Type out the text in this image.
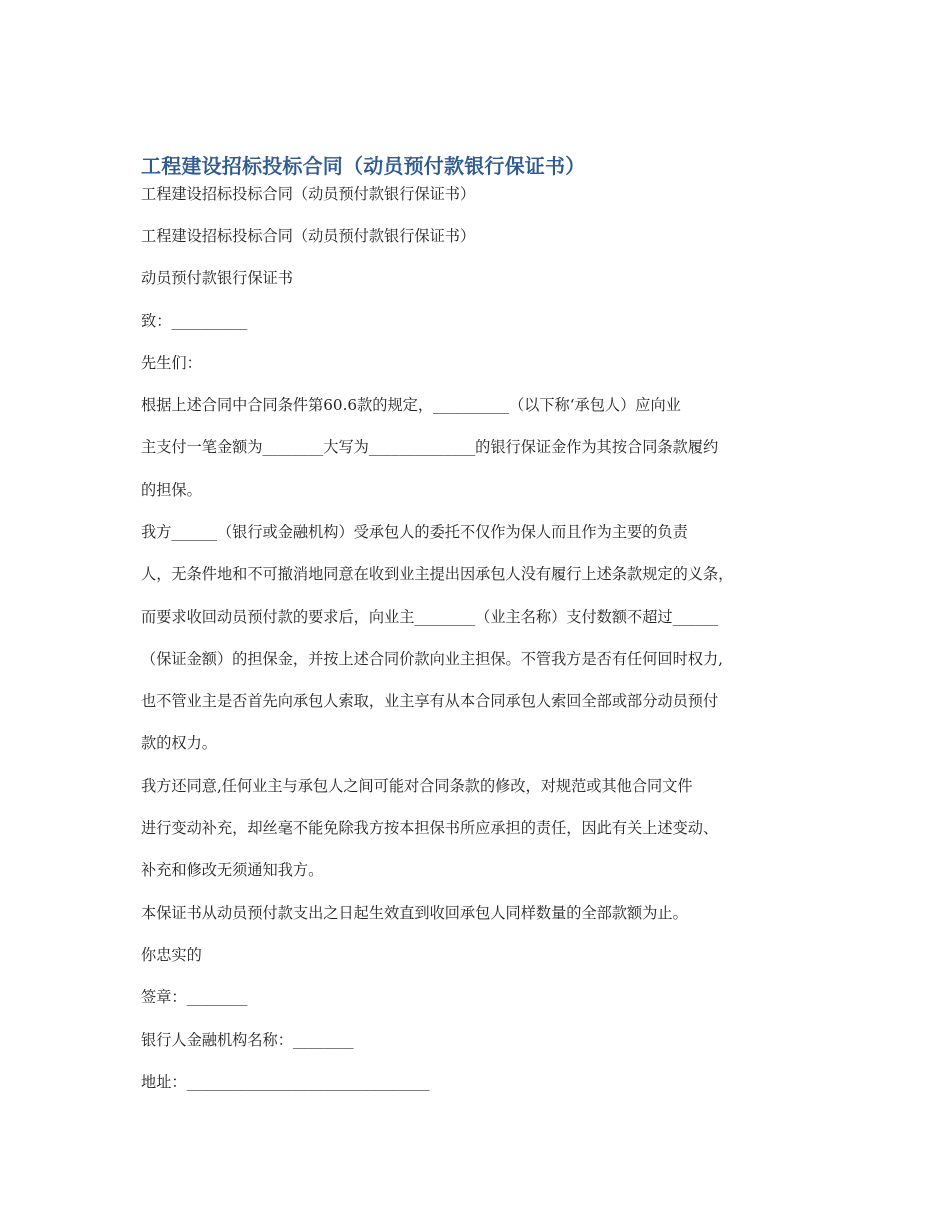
工程建设招标投标合同（动员预付款银行保证书）

工程建设招标投标合同（动员预付款银行保证书）

工程建设招标投标合同（动员预付款银行保证书）

动员预付款银行保证书

致：__________

先生们：

根据上述合同中合同条件第60.6款的规定，__________（以下称‘承包人）应向业

主支付一笔金额为________大写为______________的银行保证金作为其按合同条款履约

的担保。

我方______（银行或金融机构）受承包人的委托不仅作为保人而且作为主要的负责

人，无条件地和不可撤消地同意在收到业主提出因承包人没有履行上述条款规定的义条，

而要求收回动员预付款的要求后，向业主________（业主名称）支付数额不超过______

（保证金额）的担保金，并按上述合同价款向业主担保。不管我方是否有任何回时权力,

也不管业主是否首先向承包人索取，业主享有从本合同承包人索回全部或部分动员预付

款的权力。

我方还同意,任何业主与承包人之间可能对合同条款的修改，对规范或其他合同文件

进行变动补充，却丝毫不能免除我方按本担保书所应承担的责任，因此有关上述变动、

补充和修改无须通知我方。

本保证书从动员预付款支出之日起生效直到收回承包人同样数量的全部款额为止。

你忠实的

签章：________

银行人金融机构名称：________

地址：________________________________
